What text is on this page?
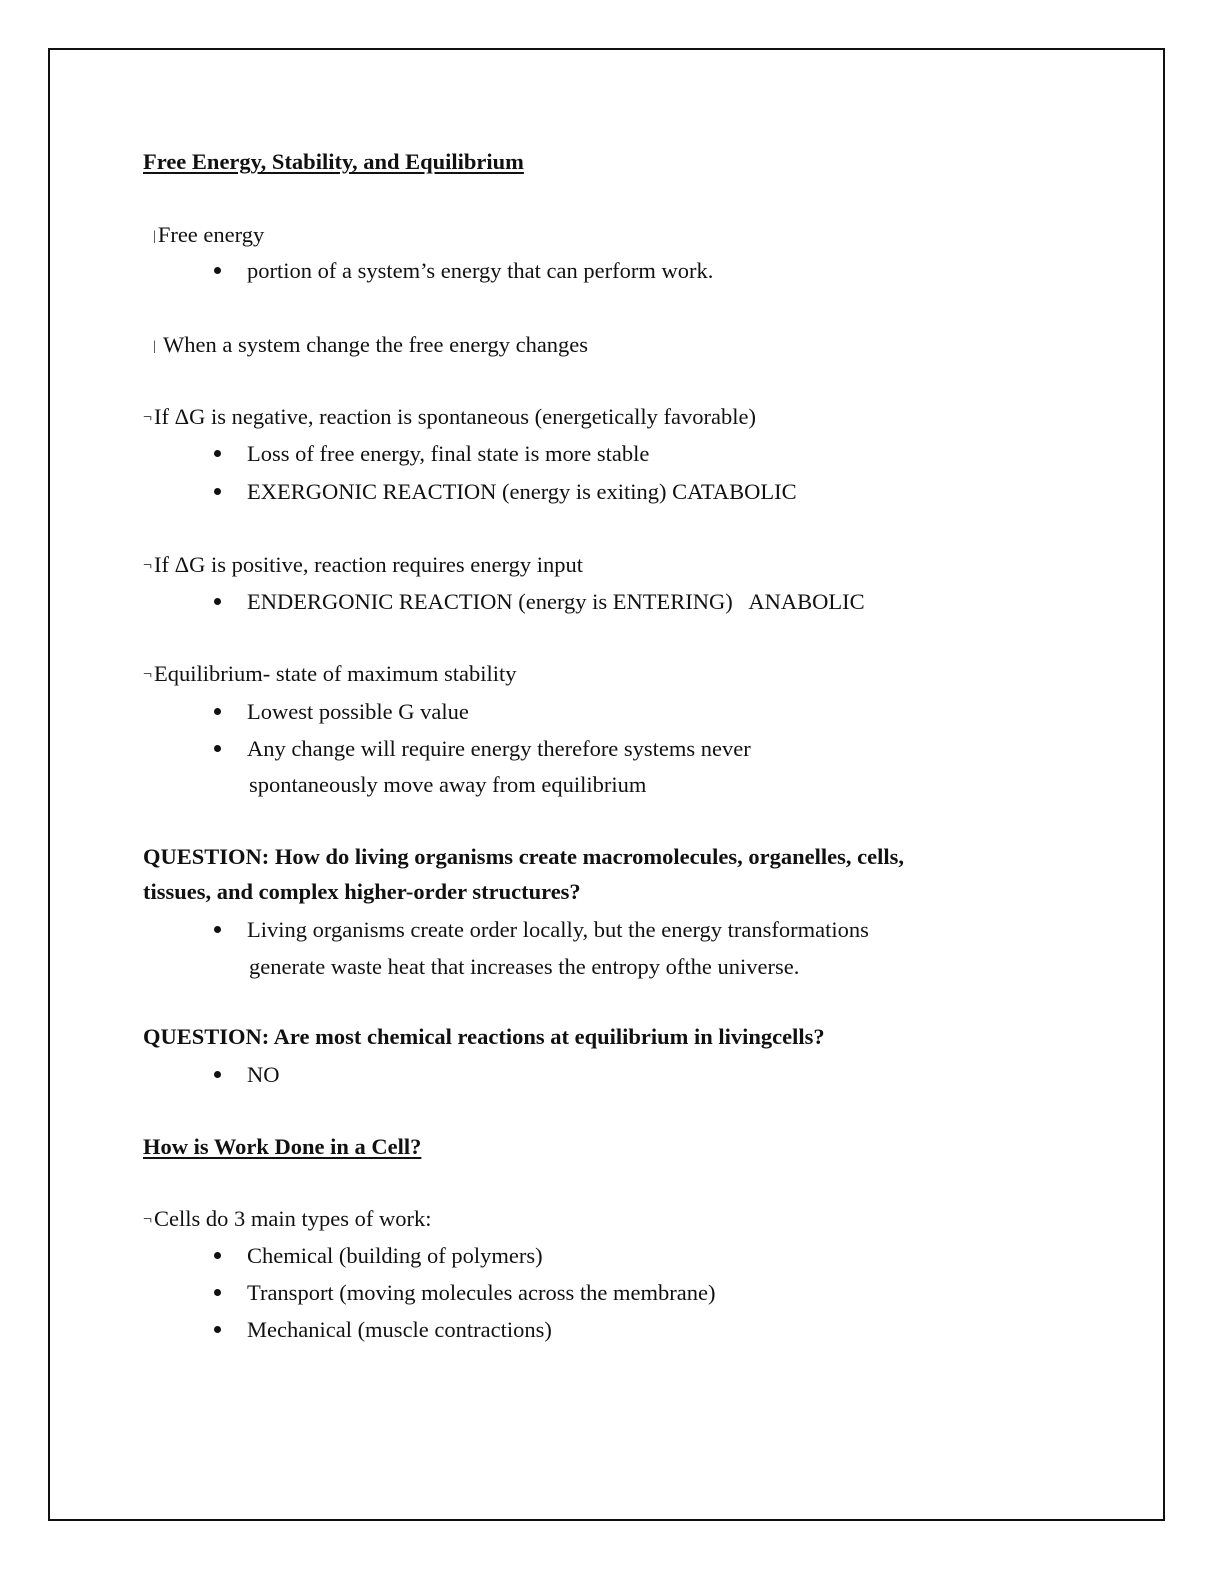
Free Energy, Stability, and Equilibrium
|Free energy
portion of a system’s energy that can perform work.
| When a system change the free energy changes
¬If ΔG is negative, reaction is spontaneous (energetically favorable)
Loss of free energy, final state is more stable
EXERGONIC REACTION (energy is exiting) CATABOLIC
¬If ΔG is positive, reaction requires energy input
ENDERGONIC REACTION (energy is ENTERING)   ANABOLIC
¬Equilibrium- state of maximum stability
Lowest possible G value
Any change will require energy therefore systems never
spontaneously move away from equilibrium
QUESTION: How do living organisms create macromolecules, organelles, cells,
tissues, and complex higher-order structures?
Living organisms create order locally, but the energy transformations
generate waste heat that increases the entropy ofthe universe.
QUESTION: Are most chemical reactions at equilibrium in livingcells?
NO
How is Work Done in a Cell?
¬Cells do 3 main types of work:
Chemical (building of polymers)
Transport (moving molecules across the membrane)
Mechanical (muscle contractions)
